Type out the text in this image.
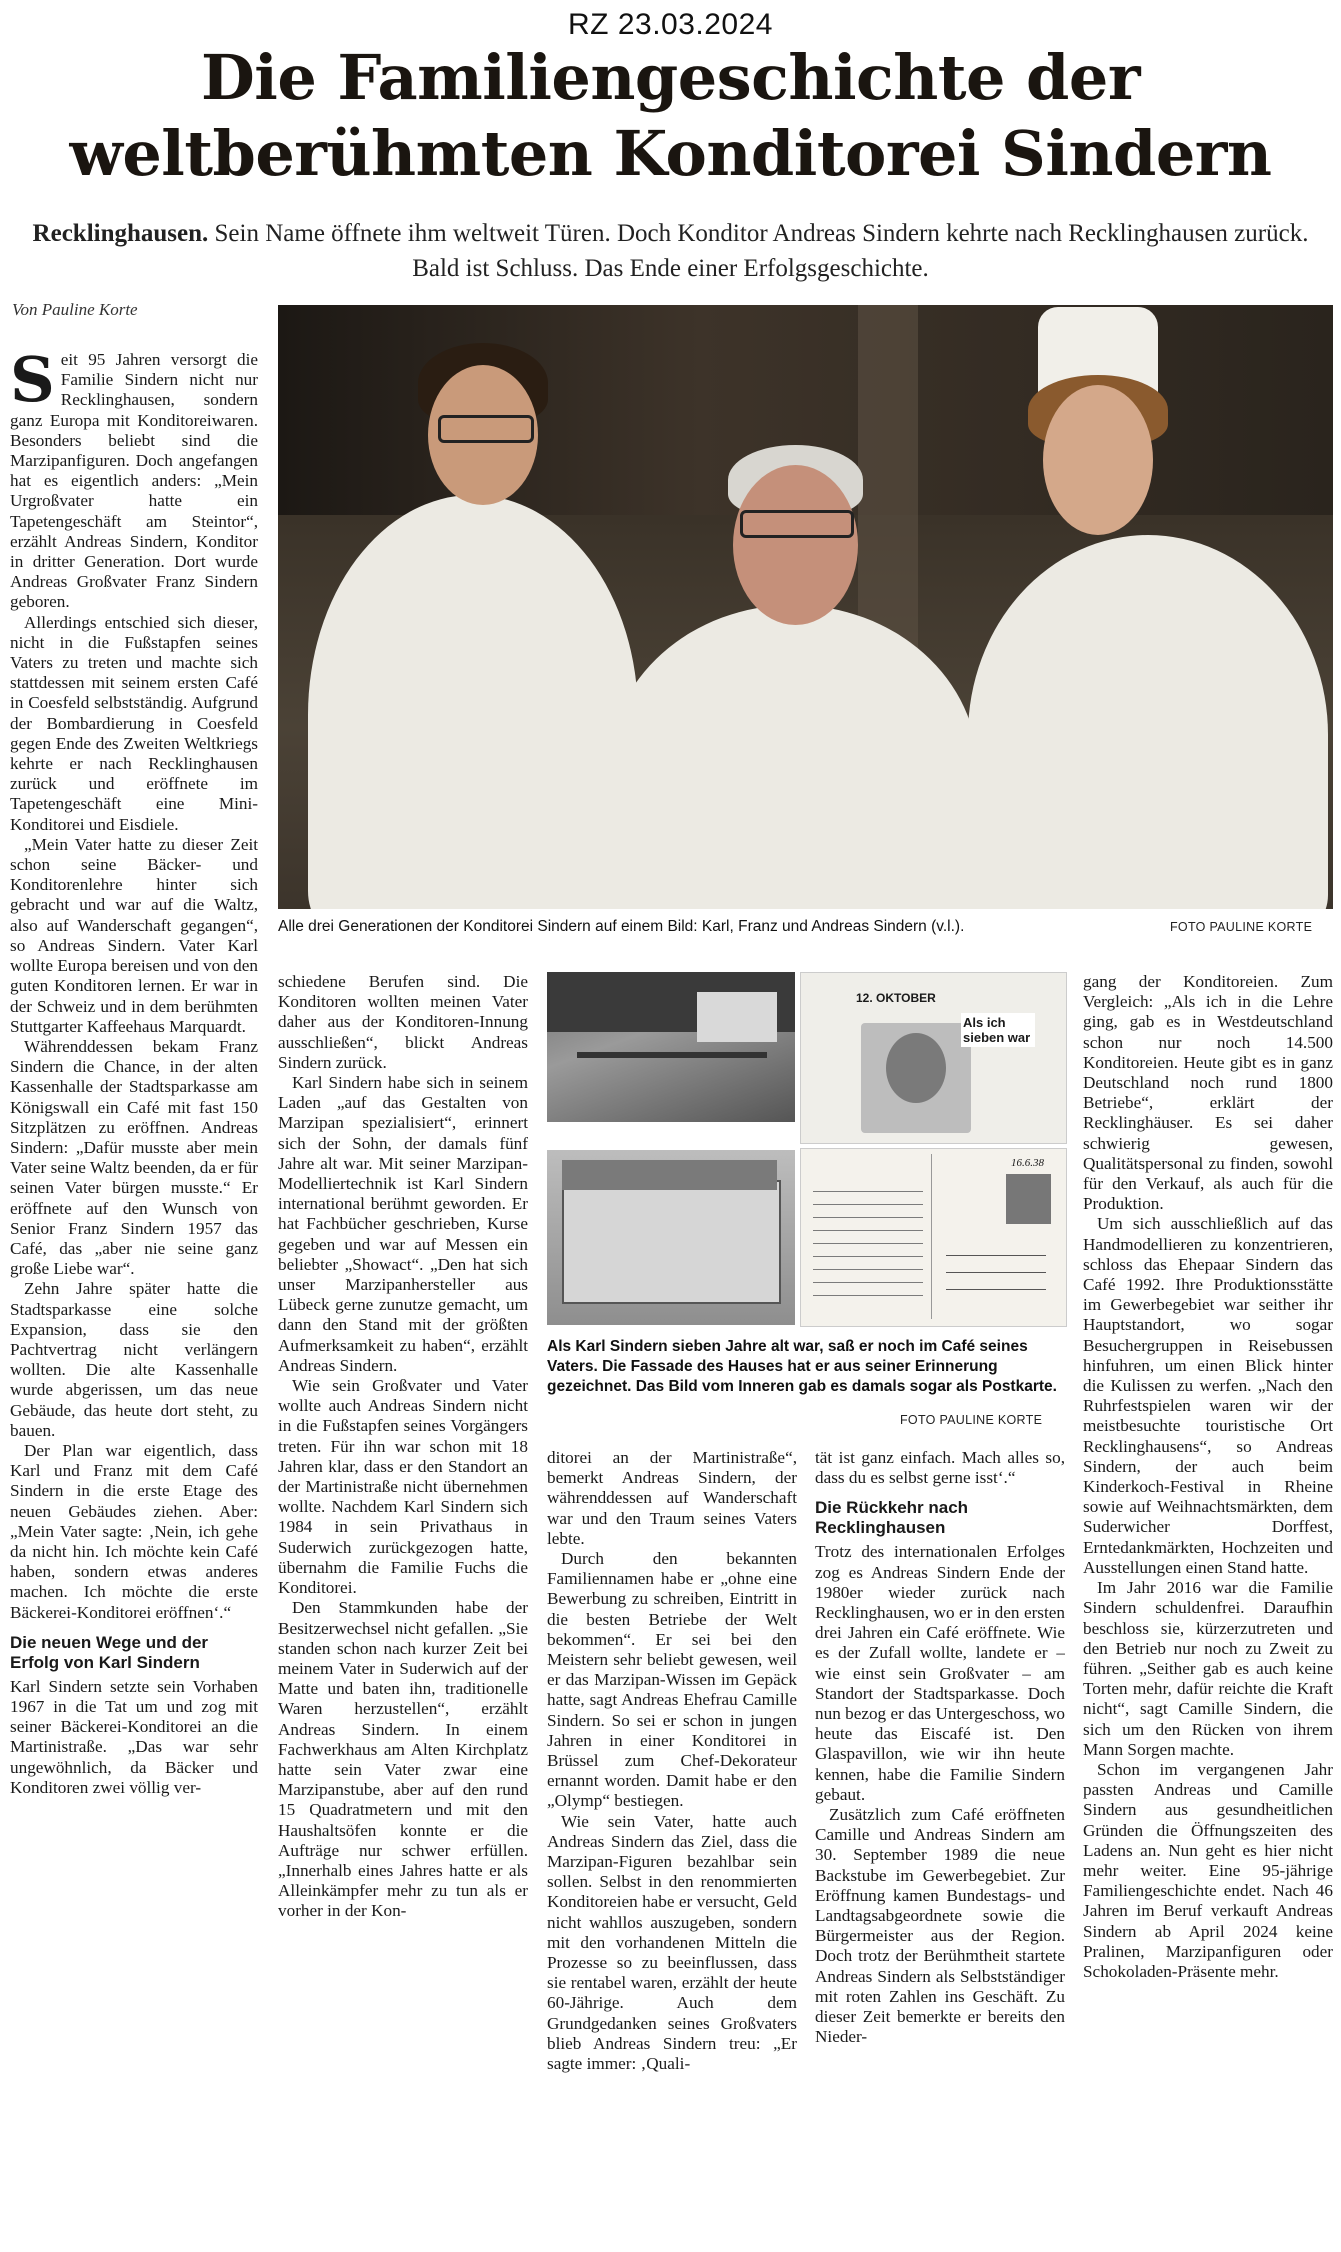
RZ 23.03.2024
Die Familiengeschichte der
weltberühmten Konditorei Sindern
Recklinghausen. Sein Name öffnete ihm weltweit Türen. Doch Konditor Andreas Sindern kehrte nach Recklinghausen zurück. Bald ist Schluss. Das Ende einer Erfolgsgeschichte.
Von Pauline Korte
Alle drei Generationen der Konditorei Sindern auf einem Bild: Karl, Franz und Andreas Sindern (v.l.).	FOTO PAULINE KORTE
12. OKTOBER
Als ich sieben war
16.6.38
Als Karl Sindern sieben Jahre alt war, saß er noch im Café seines Vaters. Die Fassade des Hauses hat er aus seiner Erinnerung gezeichnet. Das Bild vom Inneren gab es damals sogar als Postkarte.
FOTO PAULINE KORTE

Seit 95 Jahren versorgt die Familie Sindern nicht nur Recklinghausen, sondern ganz Europa mit Konditoreiwaren. Besonders beliebt sind die Marzipanfiguren. Doch angefangen hat es eigentlich anders: „Mein Urgroßvater hatte ein Tapetengeschäft am Steintor“, erzählt Andreas Sindern, Konditor in dritter Generation. Dort wurde Andreas Großvater Franz Sindern geboren.

Allerdings entschied sich dieser, nicht in die Fußstapfen seines Vaters zu treten und machte sich stattdessen mit seinem ersten Café in Coesfeld selbstständig. Aufgrund der Bombardierung in Coesfeld gegen Ende des Zweiten Weltkriegs kehrte er nach Recklinghausen zurück und eröffnete im Tapetengeschäft eine Mini-Konditorei und Eisdiele.

„Mein Vater hatte zu dieser Zeit schon seine Bäcker- und Konditorenlehre hinter sich gebracht und war auf die Waltz, also auf Wanderschaft gegangen“, so Andreas Sindern. Vater Karl wollte Europa bereisen und von den guten Konditoren lernen. Er war in der Schweiz und in dem berühmten Stuttgarter Kaffeehaus Marquardt.

Währenddessen bekam Franz Sindern die Chance, in der alten Kassenhalle der Stadtsparkasse am Königswall ein Café mit fast 150 Sitzplätzen zu eröffnen. Andreas Sindern: „Dafür musste aber mein Vater seine Waltz beenden, da er für seinen Vater bürgen musste.“ Er eröffnete auf den Wunsch von Senior Franz Sindern 1957 das Café, das „aber nie seine ganz große Liebe war“.

Zehn Jahre später hatte die Stadtsparkasse eine solche Expansion, dass sie den Pachtvertrag nicht verlängern wollten. Die alte Kassenhalle wurde abgerissen, um das neue Gebäude, das heute dort steht, zu bauen.

Der Plan war eigentlich, dass Karl und Franz mit dem Café Sindern in die erste Etage des neuen Gebäudes ziehen. Aber: „Mein Vater sagte: ‚Nein, ich gehe da nicht hin. Ich möchte kein Café haben, sondern etwas anderes machen. Ich möchte die erste Bäckerei-Konditorei eröffnen‘.“

Die neuen Wege und der Erfolg von Karl Sindern

Karl Sindern setzte sein Vorhaben 1967 in die Tat um und zog mit seiner Bäckerei-Konditorei an die Martinistraße. „Das war sehr ungewöhnlich, da Bäcker und Konditoren zwei völlig ver-

schiedene Berufen sind. Die Konditoren wollten meinen Vater daher aus der Konditoren-Innung ausschließen“, blickt Andreas Sindern zurück.

Karl Sindern habe sich in seinem Laden „auf das Gestalten von Marzipan spezialisiert“, erinnert sich der Sohn, der damals fünf Jahre alt war. Mit seiner Marzipan-Modelliertechnik ist Karl Sindern international berühmt geworden. Er hat Fachbücher geschrieben, Kurse gegeben und war auf Messen ein beliebter „Showact“. „Den hat sich unser Marzipanhersteller aus Lübeck gerne zunutze gemacht, um dann den Stand mit der größten Aufmerksamkeit zu haben“, erzählt Andreas Sindern.

Wie sein Großvater und Vater wollte auch Andreas Sindern nicht in die Fußstapfen seines Vorgängers treten. Für ihn war schon mit 18 Jahren klar, dass er den Standort an der Martinistraße nicht übernehmen wollte. Nachdem Karl Sindern sich 1984 in sein Privathaus in Suderwich zurückgezogen hatte, übernahm die Familie Fuchs die Konditorei.

Den Stammkunden habe der Besitzerwechsel nicht gefallen. „Sie standen schon nach kurzer Zeit bei meinem Vater in Suderwich auf der Matte und baten ihn, traditionelle Waren herzustellen“, erzählt Andreas Sindern. In einem Fachwerkhaus am Alten Kirchplatz hatte sein Vater zwar eine Marzipanstube, aber auf den rund 15 Quadratmetern und mit den Haushaltsöfen konnte er die Aufträge nur schwer erfüllen. „Innerhalb eines Jahres hatte er als Alleinkämpfer mehr zu tun als er vorher in der Kon-

ditorei an der Martinistraße“, bemerkt Andreas Sindern, der währenddessen auf Wanderschaft war und den Traum seines Vaters lebte.

Durch den bekannten Familiennamen habe er „ohne eine Bewerbung zu schreiben, Eintritt in die besten Betriebe der Welt bekommen“. Er sei bei den Meistern sehr beliebt gewesen, weil er das Marzipan-Wissen im Gepäck hatte, sagt Andreas Ehefrau Camille Sindern. So sei er schon in jungen Jahren in einer Konditorei in Brüssel zum Chef-Dekorateur ernannt worden. Damit habe er den „Olymp“ bestiegen.

Wie sein Vater, hatte auch Andreas Sindern das Ziel, dass die Marzipan-Figuren bezahlbar sein sollen. Selbst in den renommierten Konditoreien habe er versucht, Geld nicht wahllos auszugeben, sondern mit den vorhandenen Mitteln die Prozesse so zu beeinflussen, dass sie rentabel waren, erzählt der heute 60-Jährige. Auch dem Grundgedanken seines Großvaters blieb Andreas Sindern treu: „Er sagte immer: ‚Quali-

tät ist ganz einfach. Mach alles so, dass du es selbst gerne isst‘.“

Die Rückkehr nach Recklinghausen

Trotz des internationalen Erfolges zog es Andreas Sindern Ende der 1980er wieder zurück nach Recklinghausen, wo er in den ersten drei Jahren ein Café eröffnete. Wie es der Zufall wollte, landete er – wie einst sein Großvater – am Standort der Stadtsparkasse. Doch nun bezog er das Untergeschoss, wo heute das Eiscafé ist. Den Glaspavillon, wie wir ihn heute kennen, habe die Familie Sindern gebaut.

Zusätzlich zum Café eröffneten Camille und Andreas Sindern am 30. September 1989 die neue Backstube im Gewerbegebiet. Zur Eröffnung kamen Bundestags- und Landtagsabgeordnete sowie die Bürgermeister aus der Region. Doch trotz der Berühmtheit startete Andreas Sindern als Selbstständiger mit roten Zahlen ins Geschäft. Zu dieser Zeit bemerkte er bereits den Nieder-

gang der Konditoreien. Zum Vergleich: „Als ich in die Lehre ging, gab es in Westdeutschland schon nur noch 14.500 Konditoreien. Heute gibt es in ganz Deutschland noch rund 1800 Betriebe“, erklärt der Recklinghäuser. Es sei daher schwierig gewesen, Qualitätspersonal zu finden, sowohl für den Verkauf, als auch für die Produktion.

Um sich ausschließlich auf das Handmodellieren zu konzentrieren, schloss das Ehepaar Sindern das Café 1992. Ihre Produktionsstätte im Gewerbegebiet war seither ihr Hauptstandort, wo sogar Besuchergruppen in Reisebussen hinfuhren, um einen Blick hinter die Kulissen zu werfen. „Nach den Ruhrfestspielen waren wir der meistbesuchte touristische Ort Recklinghausens“, so Andreas Sindern, der auch beim Kinderkoch-Festival in Rheine sowie auf Weihnachtsmärkten, dem Suderwicher Dorffest, Erntedankmärkten, Hochzeiten und Ausstellungen einen Stand hatte.

Im Jahr 2016 war die Familie Sindern schuldenfrei. Daraufhin beschloss sie, kürzerzutreten und den Betrieb nur noch zu Zweit zu führen. „Seither gab es auch keine Torten mehr, dafür reichte die Kraft nicht“, sagt Camille Sindern, die sich um den Rücken von ihrem Mann Sorgen machte.

Schon im vergangenen Jahr passten Andreas und Camille Sindern aus gesundheitlichen Gründen die Öffnungszeiten des Ladens an. Nun geht es hier nicht mehr weiter. Eine 95-jährige Familiengeschichte endet. Nach 46 Jahren im Beruf verkauft Andreas Sindern ab April 2024 keine Pralinen, Marzipanfiguren oder Schokoladen-Präsente mehr.
